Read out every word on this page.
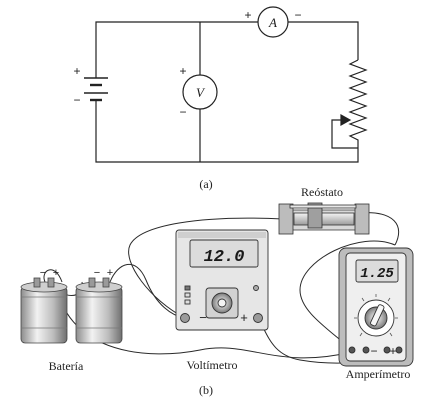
A
V
+	−
+
−
+
−
(a)
Reóstato
− +	− +
Batería
12.0
−	+
Voltímetro
1.25
− +
Amperímetro
(b)
